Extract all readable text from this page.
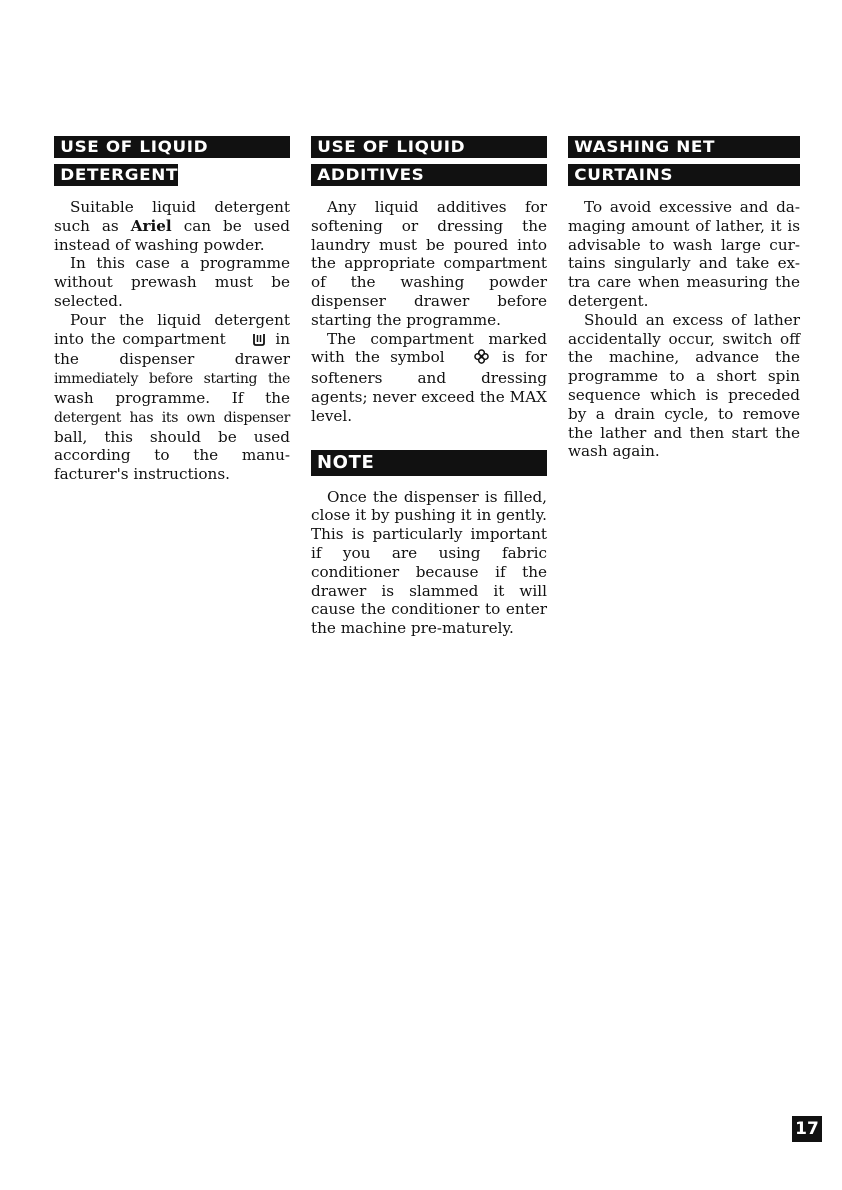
USE OF LIQUID
DETERGENT

Suitable liquid detergent such as Ariel can be used instead of washing powder.

In this case a programme without prewash must be selected.

Pour the liquid detergent into the compartment	in the dispenser drawer immediately before starting the wash programme. If the detergent has its own dispenser ball, this should be used according to the manu-facturer's instructions.

USE OF LIQUID
ADDITIVES

Any liquid additives for softening or dressing the laundry must be poured into the appropriate compartment of the washing powder dispenser drawer before starting the programme.

The compartment marked with the symbol	is for softeners and dressing agents; never exceed the MAX level.

NOTE

Once the dispenser is filled, close it by pushing it in gently. This is particularly important if you are using fabric conditioner because if the drawer is slammed it will cause the conditioner to enter the machine pre-maturely.

WASHING NET
CURTAINS

To avoid excessive and da-maging amount of lather, it is advisable to wash large cur-tains singularly and take ex-tra care when measuring the detergent.

Should an excess of lather accidentally occur, switch off the machine, advance the programme to a short spin sequence which is preceded by a drain cycle, to remove the lather and then start the wash again.

17
